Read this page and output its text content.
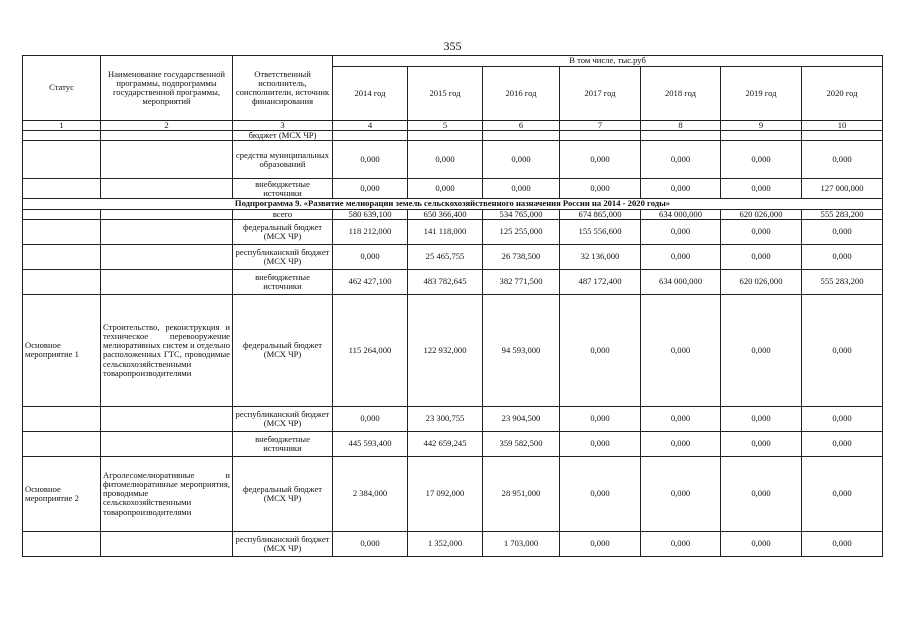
355
Статус	Наименование государственной программы, подпрограммы государственной программы, мероприятий	Ответственный исполнитель, соисполнители, источник финансирования	В том числе, тыс.руб						
			2014 год	2015 год	2016 год	2017 год	2018 год	2019 год	2020 год
1	2	3	4	5	6	7	8	9	10
		бюджет (МСХ ЧР)							
		средства муниципальных образований	0,000	0,000	0,000	0,000	0,000	0,000	0,000
		внебюджетные источники	0,000	0,000	0,000	0,000	0,000	0,000	127 000,000
Подпрограмма 9. «Развитие мелиорации земель сельскохозяйственного назначения России на 2014 - 2020 годы»									
		всего	580 639,100	650 366,400	534 765,000	674 865,000	634 000,000	620 026,000	555 283,200
		федеральный бюджет (МСХ ЧР)	118 212,000	141 118,000	125 255,000	155 556,600	0,000	0,000	0,000
		республиканский бюджет (МСХ ЧР)	0,000	25 465,755	26 738,500	32 136,000	0,000	0,000	0,000
		внебюджетные источники	462 427,100	483 782,645	382 771,500	487 172,400	634 000,000	620 026,000	555 283,200
Основное мероприятие 1	Строительство, реконструкция и техническое перевооружение мелиоративных систем и отдельно расположенных ГТС, проводимые сельскохозяйственными товаропроизводителями	федеральный бюджет (МСХ ЧР)	115 264,000	122 932,000	94 593,000	0,000	0,000	0,000	0,000
		республиканский бюджет (МСХ ЧР)	0,000	23 300,755	23 904,500	0,000	0,000	0,000	0,000
		внебюджетные источники	445 593,400	442 659,245	359 582,500	0,000	0,000	0,000	0,000
Основное мероприятие 2	Агролесомелиоративные и фитомелиоративные мероприятия, проводимые сельскохозяйственными товаропроизводителями	федеральный бюджет (МСХ ЧР)	2 384,000	17 092,000	28 951,000	0,000	0,000	0,000	0,000
		республиканский бюджет (МСХ ЧР)	0,000	1 352,000	1 703,000	0,000	0,000	0,000	0,000
